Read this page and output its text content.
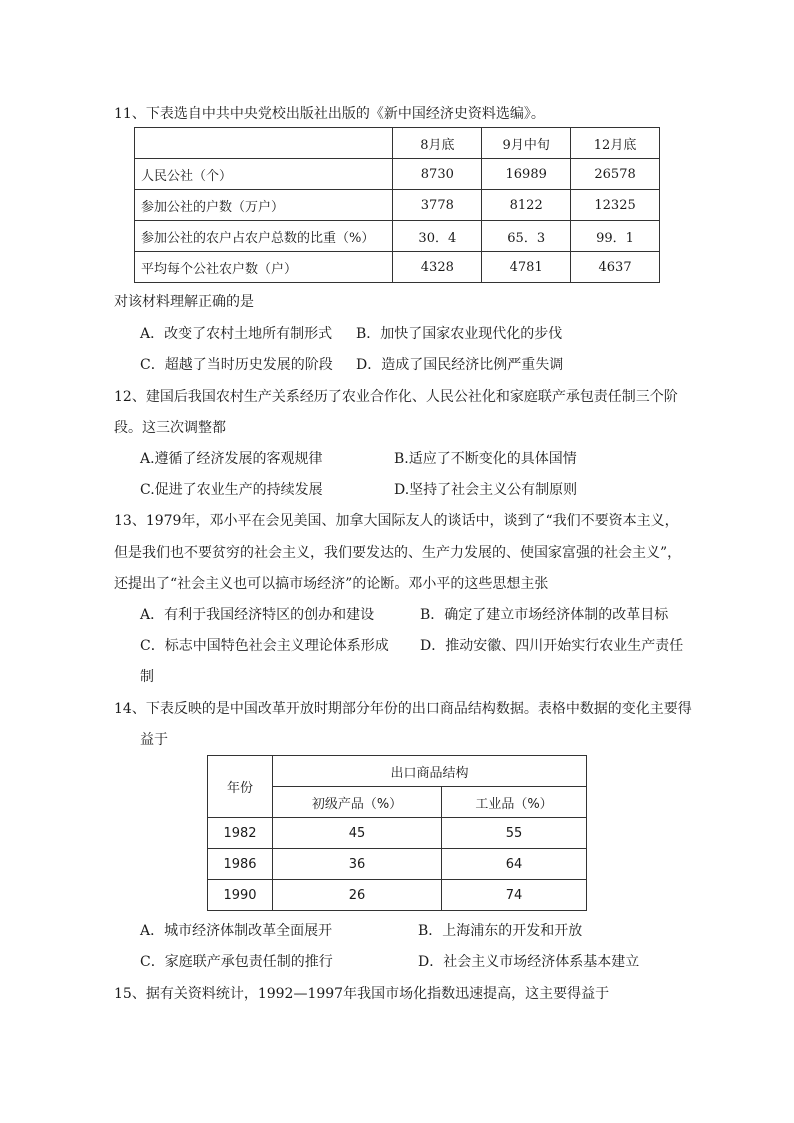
11、下表选自中共中央党校出版社出版的《新中国经济史资料选编》。
	8月底	9月中旬	12月底
人民公社（个）	8730	16989	26578
参加公社的户数（万户）	3778	8122	12325
参加公社的农户占农户总数的比重（%）	30．4	65．3	99．1
平均每个公社农户数（户）	4328	4781	4637
对该材料理解正确的是
A．改变了农村土地所有制形式 B．加快了国家农业现代化的步伐
C．超越了当时历史发展的阶段 D．造成了国民经济比例严重失调
12、建国后我国农村生产关系经历了农业合作化、人民公社化和家庭联产承包责任制三个阶
段。这三次调整都
A.遵循了经济发展的客观规律	B.适应了不断变化的具体国情
C.促进了农业生产的持续发展	D.坚持了社会主义公有制原则
13、1979年，邓小平在会见美国、加拿大国际友人的谈话中，谈到了“我们不要资本主义，
但是我们也不要贫穷的社会主义，我们要发达的、生产力发展的、使国家富强的社会主义”，
还提出了“社会主义也可以搞市场经济”的论断。邓小平的这些思想主张
A．有利于我国经济特区的创办和建设	B．确定了建立市场经济体制的改革目标
C．标志中国特色社会主义理论体系形成 D．推动安徽、四川开始实行农业生产责任
制
14、下表反映的是中国改革开放时期部分年份的出口商品结构数据。表格中数据的变化主要得
益于
年份	出口商品结构	
	初级产品（%）	工业品（%）
1982	45	55
1986	36	64
1990	26	74
A．城市经济体制改革全面展开	B．上海浦东的开发和开放
C．家庭联产承包责任制的推行	D．社会主义市场经济体系基本建立
15、据有关资料统计，1992—1997年我国市场化指数迅速提高，这主要得益于
